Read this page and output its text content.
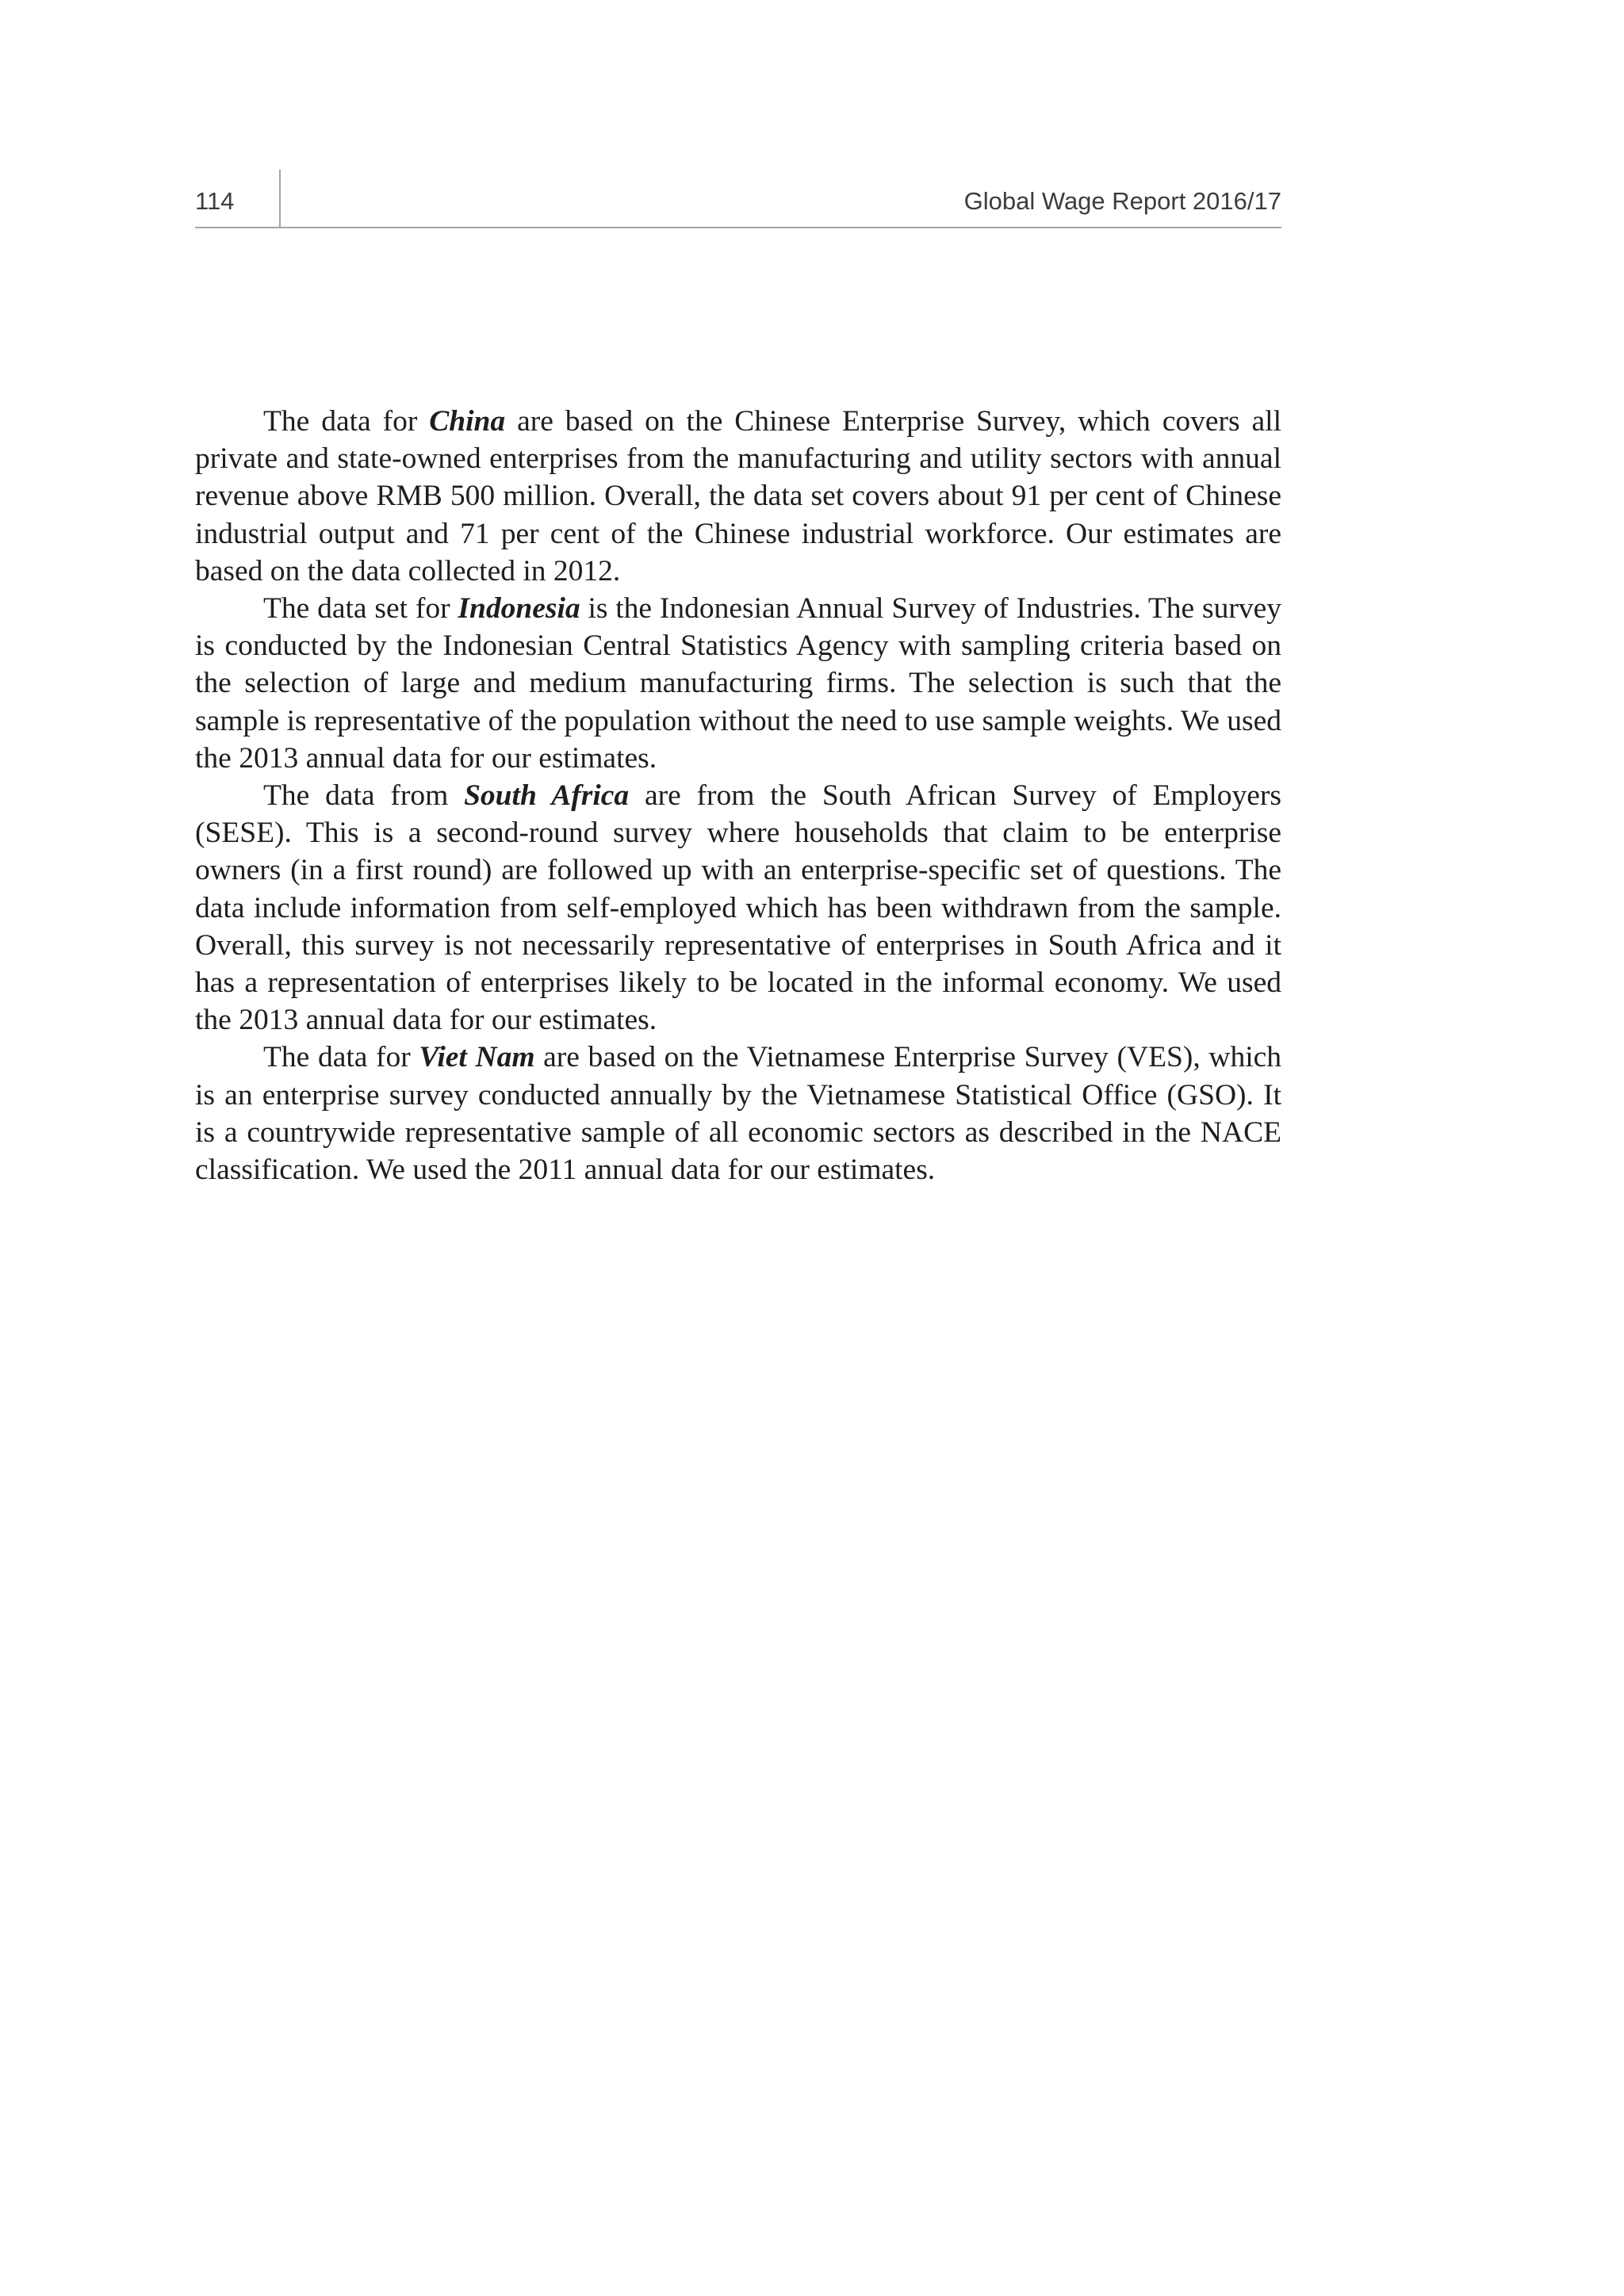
114	Global Wage Report 2016/17

The data for China are based on the Chinese Enterprise Survey, which covers all private and state-owned enterprises from the manufacturing and utility sectors with annual revenue above RMB 500 million. Overall, the data set covers about 91 per cent of Chinese industrial output and 71 per cent of the Chinese industrial workforce. Our estimates are based on the data collected in 2012.

The data set for Indonesia is the Indonesian Annual Survey of Industries. The survey is conducted by the Indonesian Central Statistics Agency with sampling criteria based on the selection of large and medium manufacturing firms. The selection is such that the sample is representative of the population without the need to use sample weights. We used the 2013 annual data for our estimates.

The data from South Africa are from the South African Survey of Employers (SESE). This is a second-round survey where households that claim to be enterprise owners (in a first round) are followed up with an enterprise-specific set of questions. The data include information from self-employed which has been withdrawn from the sample. Overall, this survey is not necessarily representative of enterprises in South Africa and it has a representation of enterprises likely to be located in the informal economy. We used the 2013 annual data for our estimates.

The data for Viet Nam are based on the Vietnamese Enterprise Survey (VES), which is an enterprise survey conducted annually by the Vietnamese Statistical Office (GSO). It is a countrywide representative sample of all economic sectors as described in the NACE classification. We used the 2011 annual data for our estimates.
